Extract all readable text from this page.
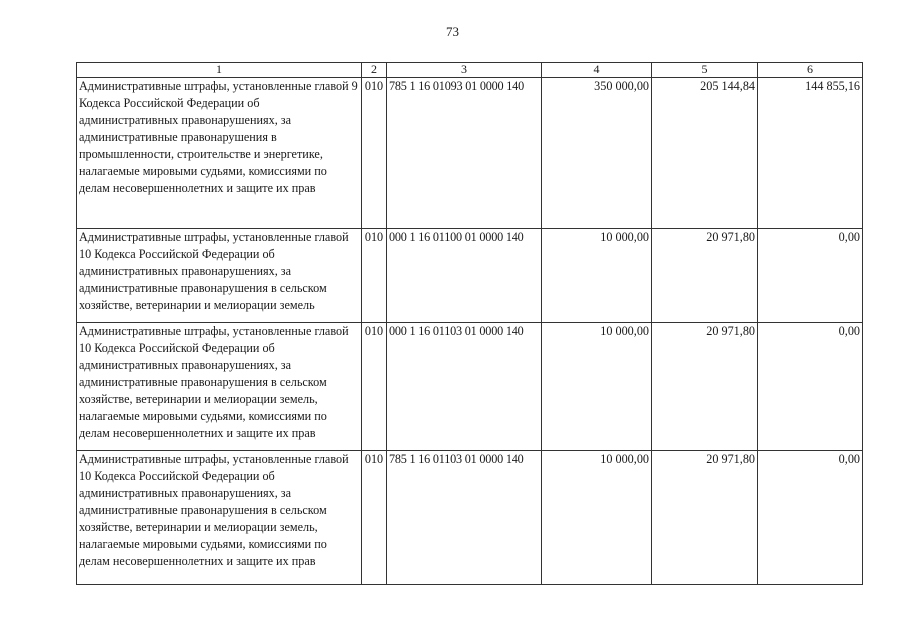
73
1	2	3	4	5	6
Административные штрафы, установленные главой 9 Кодекса Российской Федерации об административных правонарушениях, за административные правонарушения в промышленности, строительстве и энергетике, налагаемые мировыми судьями, комиссиями по делам несовершеннолетних и защите их прав	010	785 1 16 01093 01 0000 140	350 000,00	205 144,84	144 855,16
Административные штрафы, установленные главой 10 Кодекса Российской Федерации об административных правонарушениях, за административные правонарушения в сельском хозяйстве, ветеринарии и мелиорации земель	010	000 1 16 01100 01 0000 140	10 000,00	20 971,80	0,00
Административные штрафы, установленные главой 10 Кодекса Российской Федерации об административных правонарушениях, за административные правонарушения в сельском хозяйстве, ветеринарии и мелиорации земель, налагаемые мировыми судьями, комиссиями по делам несовершеннолетних и защите их прав	010	000 1 16 01103 01 0000 140	10 000,00	20 971,80	0,00
Административные штрафы, установленные главой 10 Кодекса Российской Федерации об административных правонарушениях, за административные правонарушения в сельском хозяйстве, ветеринарии и мелиорации земель, налагаемые мировыми судьями, комиссиями по делам несовершеннолетних и защите их прав	010	785 1 16 01103 01 0000 140	10 000,00	20 971,80	0,00
